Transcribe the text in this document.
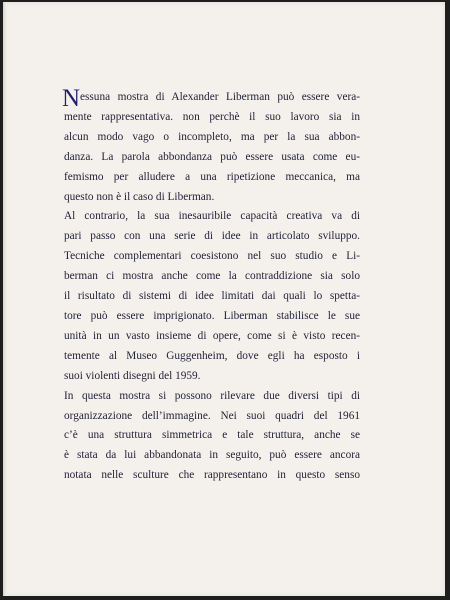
N essuna mostra di Alexander Liberman può essere vera-
mente rappresentativa. non perchè il suo lavoro sia in
alcun modo vago o incompleto, ma per la sua abbon-
danza. La parola abbondanza può essere usata come eu-
femismo per alludere a una ripetizione meccanica, ma
questo non è il caso di Liberman.
Al contrario, la sua inesauribile capacità creativa va di
pari passo con una serie di idee in articolato sviluppo.
Tecniche complementari coesistono nel suo studio e Li-
berman ci mostra anche come la contraddizione sia solo
il risultato di sistemi di idee limitati dai quali lo spetta-
tore può essere imprigionato. Liberman stabilisce le sue
unità in un vasto insieme di opere, come si è visto recen-
temente al Museo Guggenheim, dove egli ha esposto i
suoi violenti disegni del 1959.
In questa mostra si possono rilevare due diversi tipi di
organizzazione dell’immagine. Nei suoi quadri del 1961
c’è una struttura simmetrica e tale struttura, anche se
è stata da lui abbandonata in seguito, può essere ancora
notata nelle sculture che rappresentano in questo senso
